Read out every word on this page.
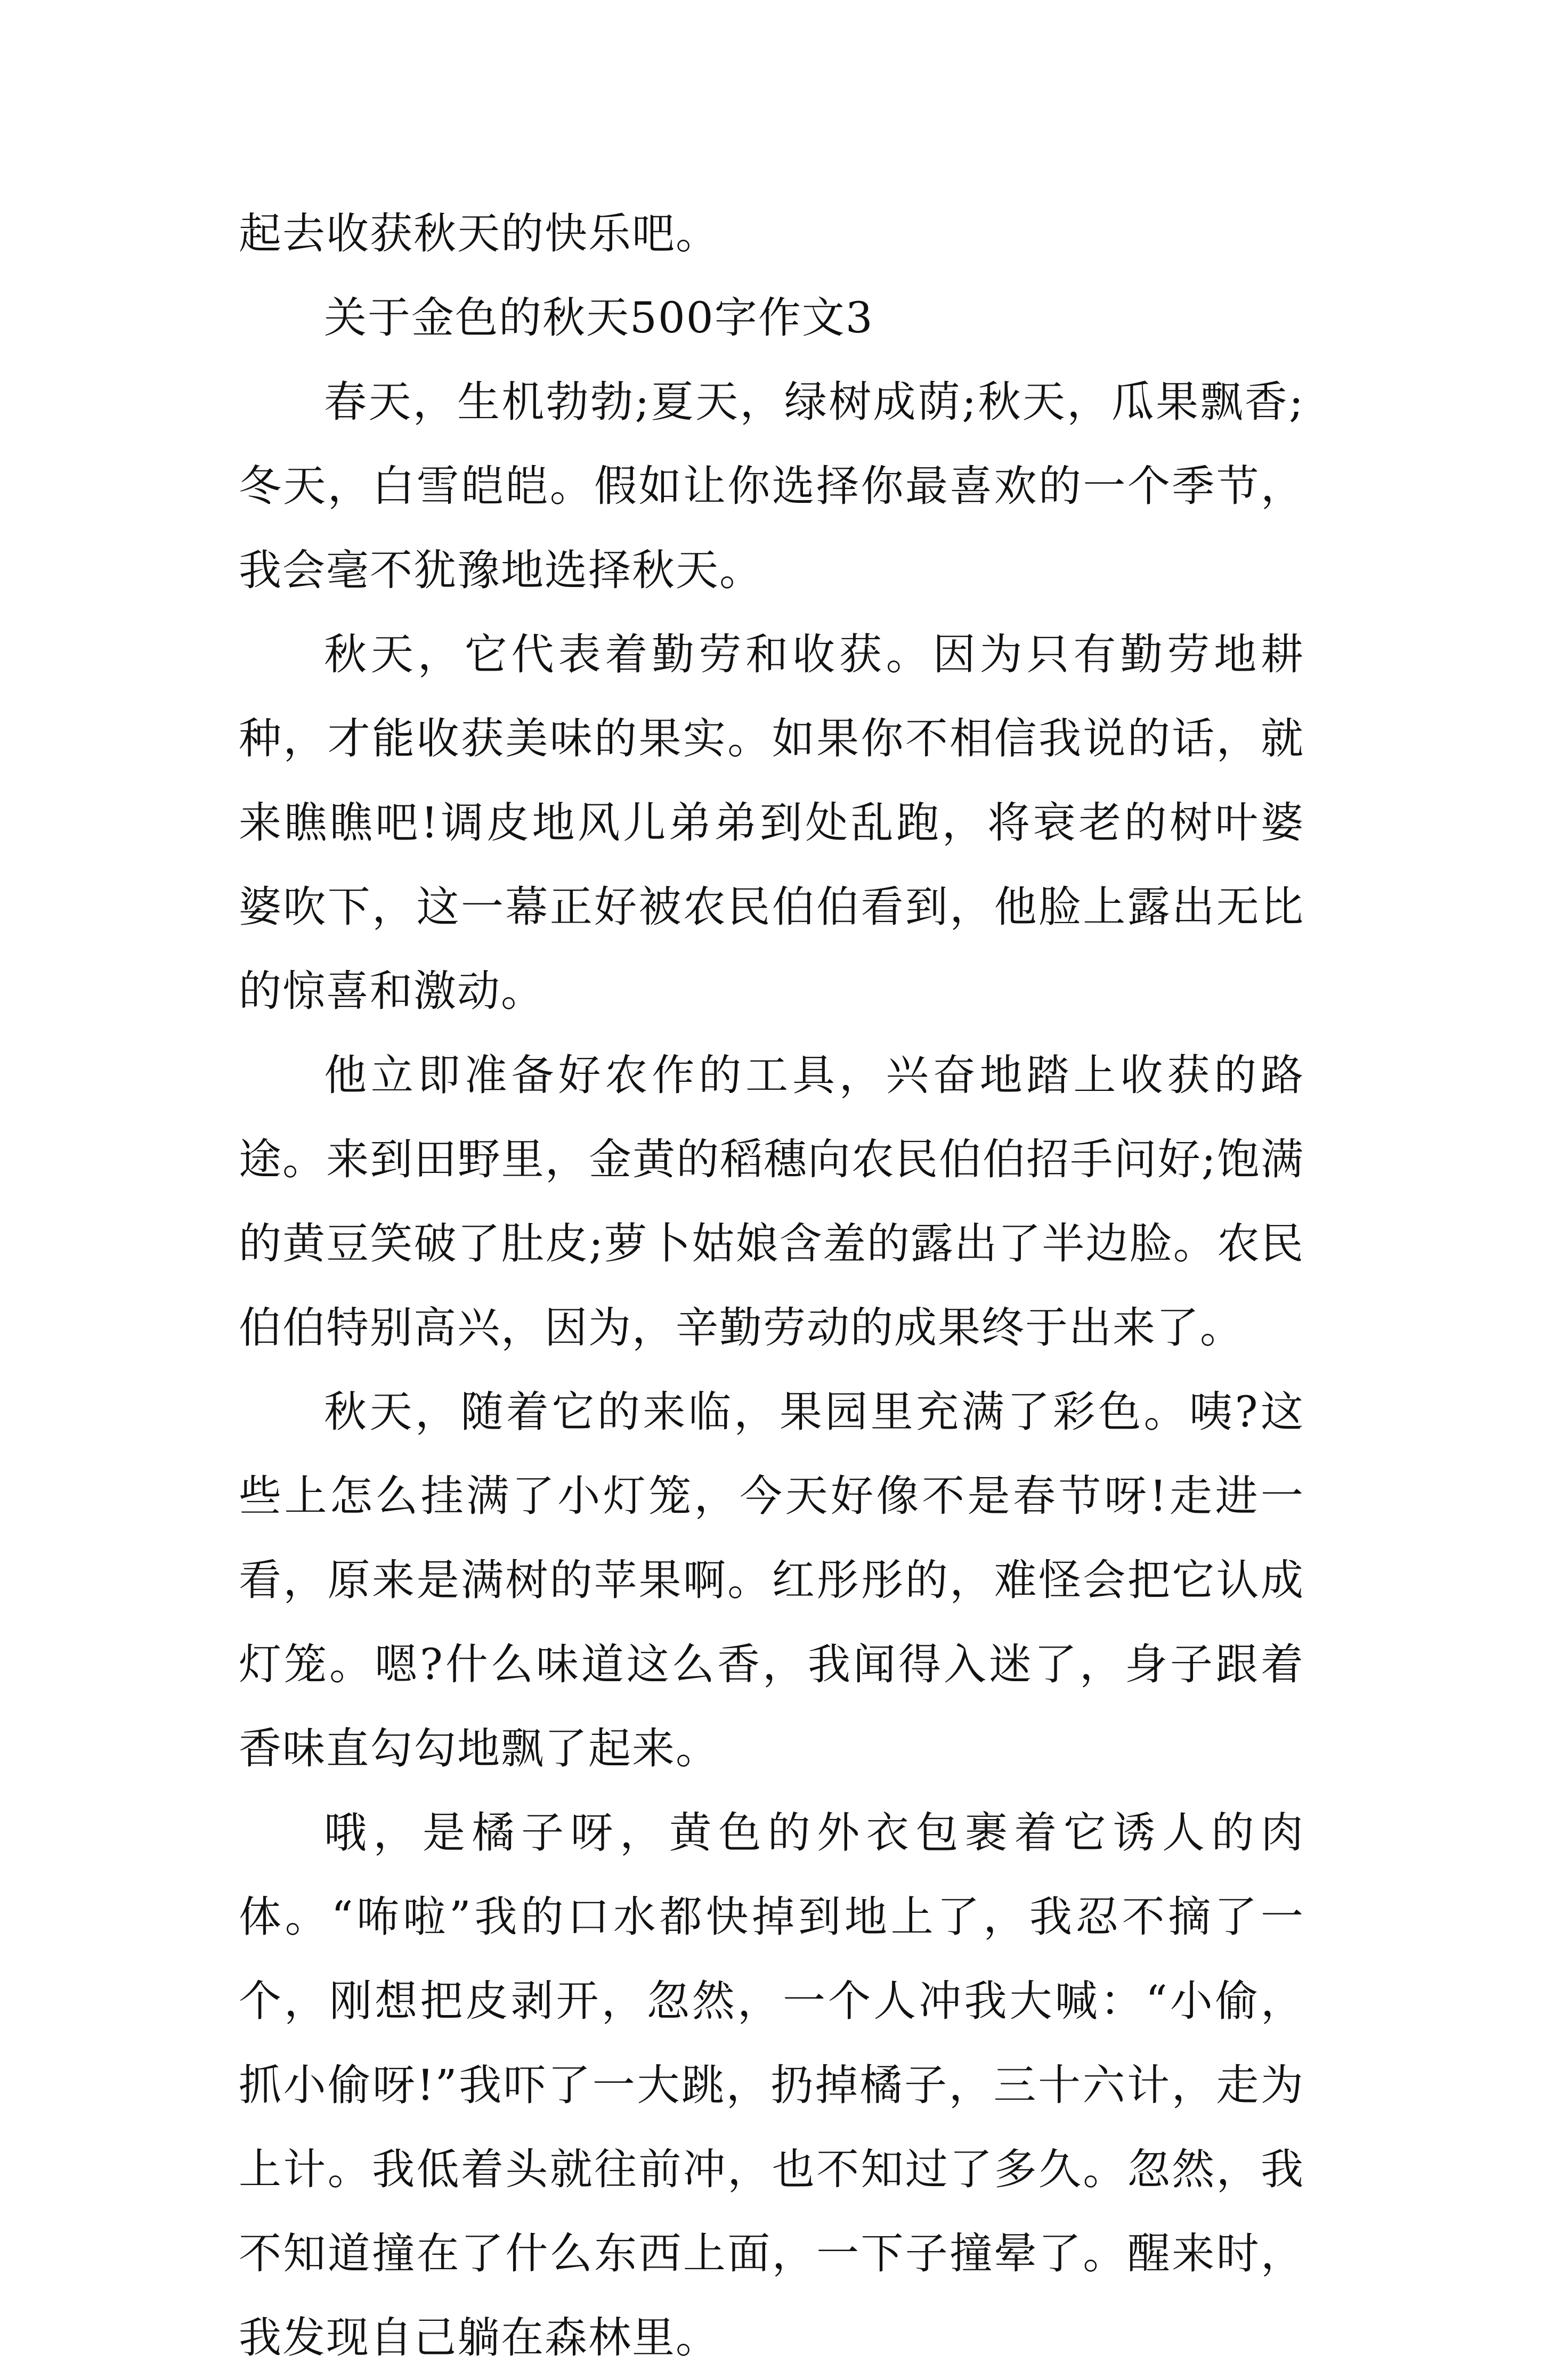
起去收获秋天的快乐吧。

关于金色的秋天500字作文3

春天，生机勃勃;夏天，绿树成荫;秋天，瓜果飘香;冬天，白雪皑皑。假如让你选择你最喜欢的一个季节，我会毫不犹豫地选择秋天。

秋天，它代表着勤劳和收获。因为只有勤劳地耕种，才能收获美味的果实。如果你不相信我说的话，就来瞧瞧吧!调皮地风儿弟弟到处乱跑，将衰老的树叶婆婆吹下，这一幕正好被农民伯伯看到，他脸上露出无比的惊喜和激动。

他立即准备好农作的工具，兴奋地踏上收获的路途。来到田野里，金黄的稻穗向农民伯伯招手问好;饱满的黄豆笑破了肚皮;萝卜姑娘含羞的露出了半边脸。农民伯伯特别高兴，因为，辛勤劳动的成果终于出来了。

秋天，随着它的来临，果园里充满了彩色。咦?这些上怎么挂满了小灯笼，今天好像不是春节呀!走进一看，原来是满树的苹果啊。红彤彤的，难怪会把它认成灯笼。嗯?什么味道这么香，我闻得入迷了，身子跟着香味直勾勾地飘了起来。

哦，是橘子呀，黄色的外衣包裹着它诱人的肉体。“咘啦”我的口水都快掉到地上了，我忍不摘了一个，刚想把皮剥开，忽然，一个人冲我大喊：“小偷，抓小偷呀!”我吓了一大跳，扔掉橘子，三十六计，走为上计。我低着头就往前冲，也不知过了多久。忽然，我不知道撞在了什么东西上面，一下子撞晕了。醒来时，我发现自己躺在森林里。
